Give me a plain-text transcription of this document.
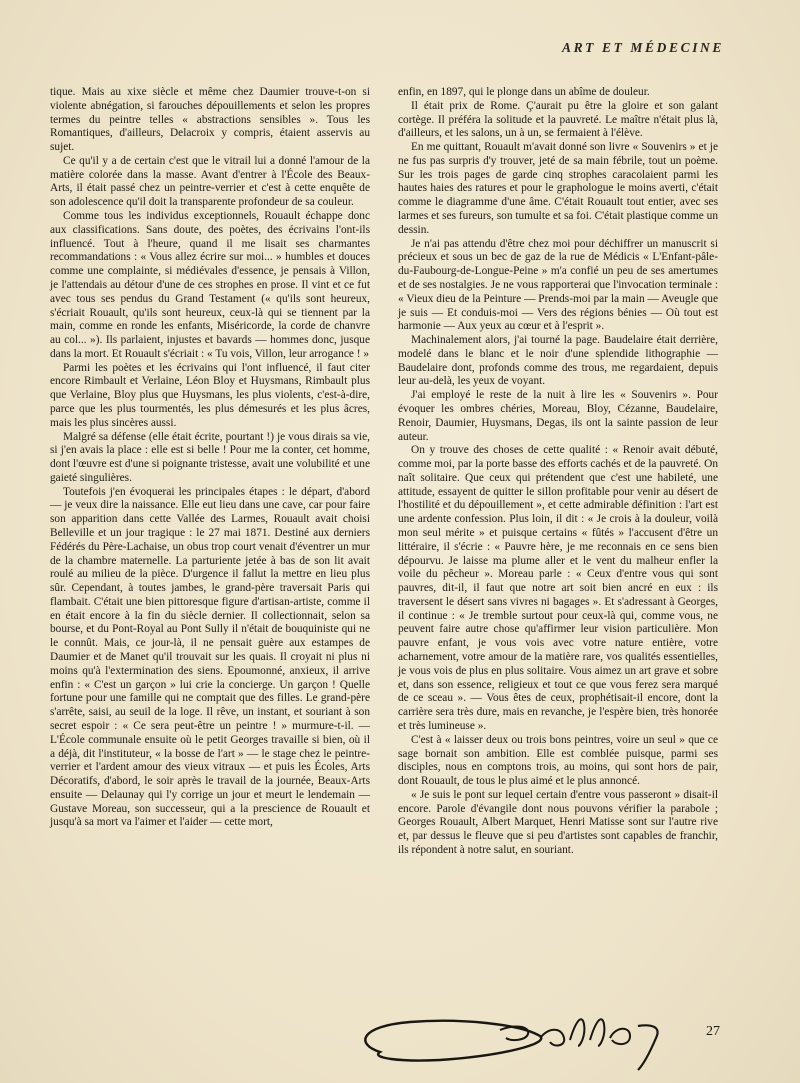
ART ET MÉDECINE

tique. Mais au xixe siècle et même chez Daumier trouve-t-on si violente abnégation, si farouches dépouillements et selon les propres termes du peintre telles « abstractions sensibles ». Tous les Romantiques, d'ailleurs, Delacroix y compris, étaient asservis au sujet.

Ce qu'il y a de certain c'est que le vitrail lui a donné l'amour de la matière colorée dans la masse. Avant d'entrer à l'École des Beaux-Arts, il était passé chez un peintre-verrier et c'est à cette enquête de son adolescence qu'il doit la transparente profondeur de sa couleur.

Comme tous les individus exceptionnels, Rouault échappe donc aux classifications. Sans doute, des poètes, des écrivains l'ont-ils influencé. Tout à l'heure, quand il me lisait ses charmantes recommandations : « Vous allez écrire sur moi... » humbles et douces comme une complainte, si médiévales d'essence, je pensais à Villon, je l'attendais au détour d'une de ces strophes en prose. Il vint et ce fut avec tous ses pendus du Grand Testament (« qu'ils sont heureux, s'écriait Rouault, qu'ils sont heureux, ceux-là qui se tiennent par la main, comme en ronde les enfants, Miséricorde, la corde de chanvre au col... »). Ils parlaient, injustes et bavards — hommes donc, jusque dans la mort. Et Rouault s'écriait : « Tu vois, Villon, leur arrogance ! »

Parmi les poètes et les écrivains qui l'ont influencé, il faut citer encore Rimbault et Verlaine, Léon Bloy et Huysmans, Rimbault plus que Verlaine, Bloy plus que Huysmans, les plus violents, c'est-à-dire, parce que les plus tourmentés, les plus démesurés et les plus âcres, mais les plus sincères aussi.

Malgré sa défense (elle était écrite, pourtant !) je vous dirais sa vie, si j'en avais la place : elle est si belle ! Pour me la conter, cet homme, dont l'œuvre est d'une si poignante tristesse, avait une volubilité et une gaieté singulières.

Toutefois j'en évoquerai les principales étapes : le départ, d'abord — je veux dire la naissance. Elle eut lieu dans une cave, car pour faire son apparition dans cette Vallée des Larmes, Rouault avait choisi Belleville et un jour tragique : le 27 mai 1871. Destiné aux derniers Fédérés du Père-Lachaise, un obus trop court venait d'éventrer un mur de la chambre maternelle. La parturiente jetée à bas de son lit avait roulé au milieu de la pièce. D'urgence il fallut la mettre en lieu plus sûr. Cependant, à toutes jambes, le grand-père traversait Paris qui flambait. C'était une bien pittoresque figure d'artisan-artiste, comme il en était encore à la fin du siècle dernier. Il collectionnait, selon sa bourse, et du Pont-Royal au Pont Sully il n'était de bouquiniste qui ne le connût. Mais, ce jour-là, il ne pensait guère aux estampes de Daumier et de Manet qu'il trouvait sur les quais. Il croyait ni plus ni moins qu'à l'extermination des siens. Epoumonné, anxieux, il arrive enfin : « C'est un garçon » lui crie la concierge. Un garçon ! Quelle fortune pour une famille qui ne comptait que des filles. Le grand-père s'arrête, saisi, au seuil de la loge. Il rêve, un instant, et souriant à son secret espoir : « Ce sera peut-être un peintre ! » murmure-t-il. — L'École communale ensuite où le petit Georges travaille si bien, où il a déjà, dit l'instituteur, « la bosse de l'art » — le stage chez le peintre-verrier et l'ardent amour des vieux vitraux — et puis les Écoles, Arts Décoratifs, d'abord, le soir après le travail de la journée, Beaux-Arts ensuite — Delaunay qui l'y corrige un jour et meurt le lendemain — Gustave Moreau, son successeur, qui a la prescience de Rouault et jusqu'à sa mort va l'aimer et l'aider — cette mort,

enfin, en 1897, qui le plonge dans un abîme de douleur.

Il était prix de Rome. Ç'aurait pu être la gloire et son galant cortège. Il préféra la solitude et la pauvreté. Le maître n'était plus là, d'ailleurs, et les salons, un à un, se fermaient à l'élève.

En me quittant, Rouault m'avait donné son livre « Souvenirs » et je ne fus pas surpris d'y trouver, jeté de sa main fébrile, tout un poème. Sur les trois pages de garde cinq strophes caracolaient parmi les hautes haies des ratures et pour le graphologue le moins averti, c'était comme le diagramme d'une âme. C'était Rouault tout entier, avec ses larmes et ses fureurs, son tumulte et sa foi. C'était plastique comme un dessin.

Je n'ai pas attendu d'être chez moi pour déchiffrer un manuscrit si précieux et sous un bec de gaz de la rue de Médicis « L'Enfant-pâle-du-Faubourg-de-Longue-Peine » m'a confié un peu de ses amertumes et de ses nostalgies. Je ne vous rapporterai que l'invocation terminale : « Vieux dieu de la Peinture — Prends-moi par la main — Aveugle que je suis — Et conduis-moi — Vers des régions bénies — Où tout est harmonie — Aux yeux au cœur et à l'esprit ».

Machinalement alors, j'ai tourné la page. Baudelaire était derrière, modelé dans le blanc et le noir d'une splendide lithographie — Baudelaire dont, profonds comme des trous, me regardaient, depuis leur au-delà, les yeux de voyant.

J'ai employé le reste de la nuit à lire les « Souvenirs ». Pour évoquer les ombres chéries, Moreau, Bloy, Cézanne, Baudelaire, Renoir, Daumier, Huysmans, Degas, ils ont la sainte passion de leur auteur.

On y trouve des choses de cette qualité : « Renoir avait débuté, comme moi, par la porte basse des efforts cachés et de la pauvreté. On naît solitaire. Que ceux qui prétendent que c'est une habileté, une attitude, essayent de quitter le sillon profitable pour venir au désert de l'hostilité et du dépouillement », et cette admirable définition : l'art est une ardente confession. Plus loin, il dit : « Je crois à la douleur, voilà mon seul mérite » et puisque certains « fûtés » l'accusent d'être un littéraire, il s'écrie : « Pauvre hère, je me reconnais en ce sens bien dépourvu. Je laisse ma plume aller et le vent du malheur enfler la voile du pêcheur ». Moreau parle : « Ceux d'entre vous qui sont pauvres, dit-il, il faut que notre art soit bien ancré en eux : ils traversent le désert sans vivres ni bagages ». Et s'adressant à Georges, il continue : « Je tremble surtout pour ceux-là qui, comme vous, ne peuvent faire autre chose qu'affirmer leur vision particulière. Mon pauvre enfant, je vous vois avec votre nature entière, votre acharnement, votre amour de la matière rare, vos qualités essentielles, je vous vois de plus en plus solitaire. Vous aimez un art grave et sobre et, dans son essence, religieux et tout ce que vous ferez sera marqué de ce sceau ». — Vous êtes de ceux, prophétisait-il encore, dont la carrière sera très dure, mais en revanche, je l'espère bien, très honorée et très lumineuse ».

C'est à « laisser deux ou trois bons peintres, voire un seul » que ce sage bornait son ambition. Elle est comblée puisque, parmi ses disciples, nous en comptons trois, au moins, qui sont hors de pair, dont Rouault, de tous le plus aimé et le plus annoncé.

« Je suis le pont sur lequel certain d'entre vous passeront » disait-il encore. Parole d'évangile dont nous pouvons vérifier la parabole ; Georges Rouault, Albert Marquet, Henri Matisse sont sur l'autre rive et, par dessus le fleuve que si peu d'artistes sont capables de franchir, ils répondent à notre salut, en souriant.

27
